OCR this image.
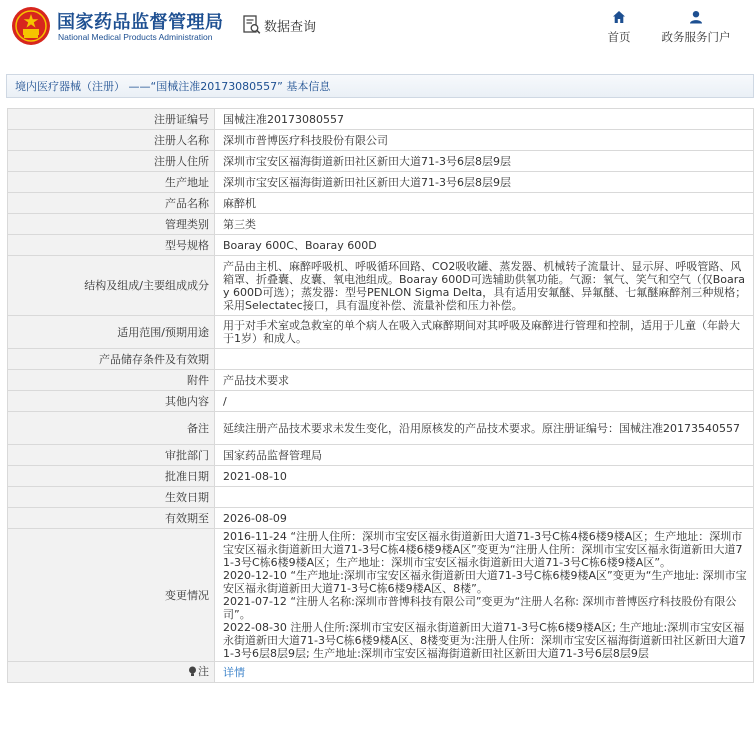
国家药品监督管理局
National Medical Products Administration
数据查询
首页	政务服务门户
境内医疗器械（注册） ——“国械注准20173080557” 基本信息
注册证编号	国械注准20173080557
注册人名称	深圳市普博医疗科技股份有限公司
注册人住所	深圳市宝安区福海街道新田社区新田大道71-3号6层8层9层
生产地址	深圳市宝安区福海街道新田社区新田大道71-3号6层8层9层
产品名称	麻醉机
管理类别	第三类
型号规格	Boaray 600C、Boaray 600D
结构及组成/主要组成成分	产品由主机、麻醉呼吸机、呼吸循环回路、CO2吸收罐、蒸发器、机械转子流量计、显示屏、呼吸管路、风箱罩、折叠囊、皮囊、氧电池组成。Boaray 600D可选辅助供氧功能。气源：氧气、笑气和空气（仅Boaray 600D可选）；蒸发器：型号PENLON Sigma Delta，具有适用安氟醚、异氟醚、七氟醚麻醉剂三种规格；采用Selectatec接口，具有温度补偿、流量补偿和压力补偿。
适用范围/预期用途	用于对手术室或急救室的单个病人在吸入式麻醉期间对其呼吸及麻醉进行管理和控制，适用于儿童（年龄大于1岁）和成人。
产品储存条件及有效期	
附件	产品技术要求
其他内容	/
备注	延续注册产品技术要求未发生变化，沿用原核发的产品技术要求。原注册证编号：国械注准20173540557
审批部门	国家药品监督管理局
批准日期	2021-08-10
生效日期	
有效期至	2026-08-09
变更情况	2016-11-24 “注册人住所：深圳市宝安区福永街道新田大道71-3号C栋4楼6楼9楼A区；生产地址：深圳市宝安区福永街道新田大道71-3号C栋4楼6楼9楼A区”变更为“注册人住所：深圳市宝安区福永街道新田大道71-3号C栋6楼9楼A区；生产地址：深圳市宝安区福永街道新田大道71-3号C栋6楼9楼A区”。
2020-12-10 “生产地址:深圳市宝安区福永街道新田大道71-3号C栋6楼9楼A区”变更为“生产地址: 深圳市宝安区福永街道新田大道71-3号C栋6楼9楼A区、8楼”。
2021-07-12 “注册人名称:深圳市普博科技有限公司”变更为“注册人名称: 深圳市普博医疗科技股份有限公司”。
2022-08-30 注册人住所:深圳市宝安区福永街道新田大道71-3号C栋6楼9楼A区; 生产地址:深圳市宝安区福永街道新田大道71-3号C栋6楼9楼A区、8楼变更为:注册人住所：深圳市宝安区福海街道新田社区新田大道71-3号6层8层9层; 生产地址:深圳市宝安区福海街道新田社区新田大道71-3号6层8层9层

注	详情
